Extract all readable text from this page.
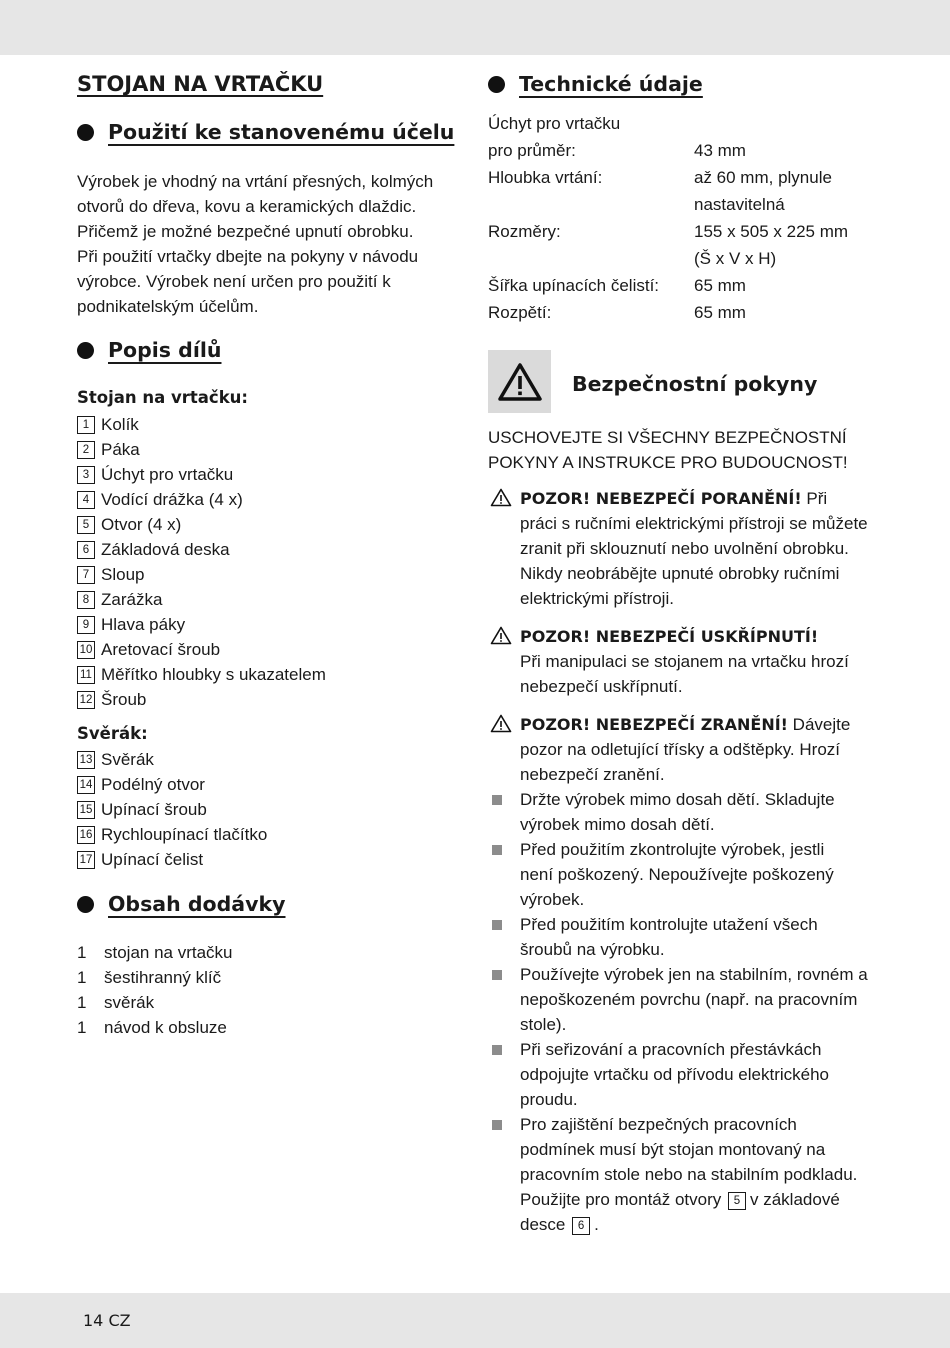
STOJAN NA VRTAČKU
Použití ke stanovenému účelu

Výrobek je vhodný na vrtání přesných, kolmých
otvorů do dřeva, kovu a keramických dlaždic.
Přičemž je možné bezpečné upnutí obrobku.
Při použití vrtačky dbejte na pokyny v návodu
výrobce. Výrobek není určen pro použití k
podnikatelským účelům.

Popis dílů
Stojan na vrtačku:
1 Kolík
2 Páka
3 Úchyt pro vrtačku
4 Vodící drážka (4 x)
5 Otvor (4 x)
6 Základová deska
7 Sloup
8 Zarážka
9 Hlava páky
10 Aretovací šroub
11 Měřítko hloubky s ukazatelem
12 Šroub
Svěrák:
13 Svěrák
14 Podélný otvor
15 Upínací šroub
16 Rychloupínací tlačítko
17 Upínací čelist
Obsah dodávky
1	stojan na vrtačku
1	šestihranný klíč
1	svěrák
1	návod k obsluze
Technické údaje
Úchyt pro vrtačku
pro průměr:	43 mm
Hloubka vrtání:	až 60 mm, plynule
nastavitelná
Rozměry:	155 x 505 x 225 mm
(Š x V x H)
Šířka upínacích čelistí:	65 mm
Rozpětí:	65 mm
Bezpečnostní pokyny

USCHOVEJTE SI VŠECHNY BEZPEČNOSTNÍ
POKYNY A INSTRUKCE PRO BUDOUCNOST!

POZOR! NEBEZPEČÍ PORANĚNÍ! Při
práci s ručními elektrickými přístroji se můžete
zranit při sklouznutí nebo uvolnění obrobku.
Nikdy neobrábějte upnuté obrobky ručními
elektrickými přístroji.
POZOR! NEBEZPEČÍ USKŘÍPNUTÍ!
Při manipulaci se stojanem na vrtačku hrozí
nebezpečí uskřípnutí.
POZOR! NEBEZPEČÍ ZRANĚNÍ! Dávejte
pozor na odletující třísky a odštěpky. Hrozí
nebezpečí zranění.
Držte výrobek mimo dosah dětí. Skladujte
výrobek mimo dosah dětí.
Před použitím zkontrolujte výrobek, jestli
není poškozený. Nepoužívejte poškozený
výrobek.
Před použitím kontrolujte utažení všech
šroubů na výrobku.
Používejte výrobek jen na stabilním, rovném a
nepoškozeném povrchu (např. na pracovním
stole).
Při seřizování a pracovních přestávkách
odpojujte vrtačku od přívodu elektrického
proudu.
Pro zajištění bezpečných pracovních
podmínek musí být stojan montovaný na
pracovním stole nebo na stabilním podkladu.
Použijte pro montáž otvory 5 v základové
desce 6 .
14 CZ
